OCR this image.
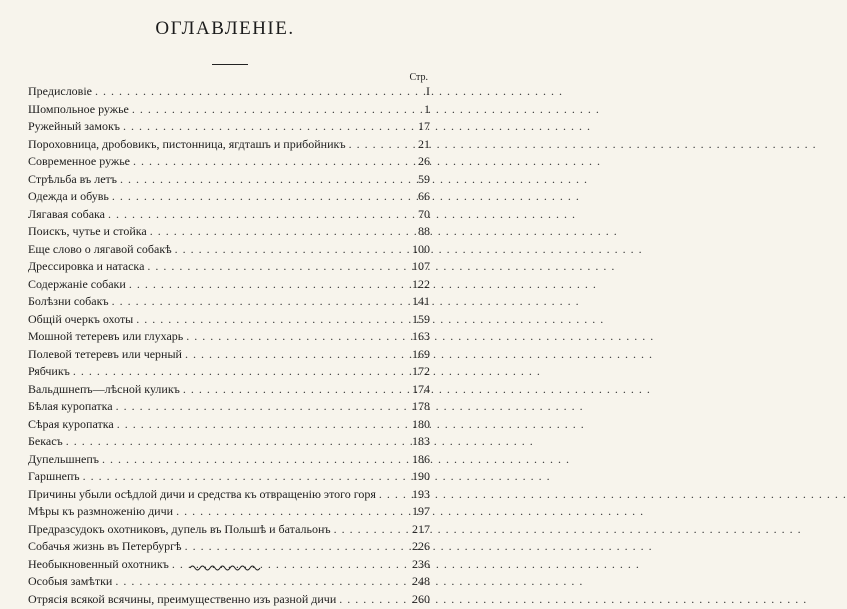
ОГЛАВЛЕНІЕ.
Стр.
Предисловіе . . .	I
Шомпольное ружье . . .	1
Ружейный замокъ . . .	17
Пороховница, дробовикъ, пистонница, ягдташъ и прибойникъ . . .	21
Современное ружье . . .	26
Стрѣльба въ летъ . . .	59
Одежда и обувь . . .	66
Лягавая собака . . .	70
Поискъ, чутье и стойка . . .	88
Еще слово о лягавой собакѣ . . .	100
Дрессировка и натаска . . .	107
Содержаніе собаки . . .	122
Болѣзни собакъ . . .	141
Общій очеркъ охоты . . .	159
Мошной тетеревъ или глухарь . . .	163
Полевой тетеревъ или черный . . .	169
Рябчикъ . . .	172
Вальдшнепъ—лѣсной куликъ . . .	174
Бѣлая куропатка . . .	178
Сѣрая куропатка . . .	180
Бекасъ . . .	183
Дупельшнепъ . . .	186
Гаршнепъ . . .	190
Причины убыли осѣдлой дичи и средства къ отвращенію этого горя . . .	193
Мѣры къ размноженію дичи . . .	197
Предразсудокъ охотниковъ, дупель въ Польшѣ и батальонъ . . .	217
Собачья жизнь въ Петербургѣ . . .	226
Необыкновенный охотникъ . . .	236
Особыя замѣтки . . .	248
Отрясія всякой всячины, преимущественно изъ разной дичи . . .	260
